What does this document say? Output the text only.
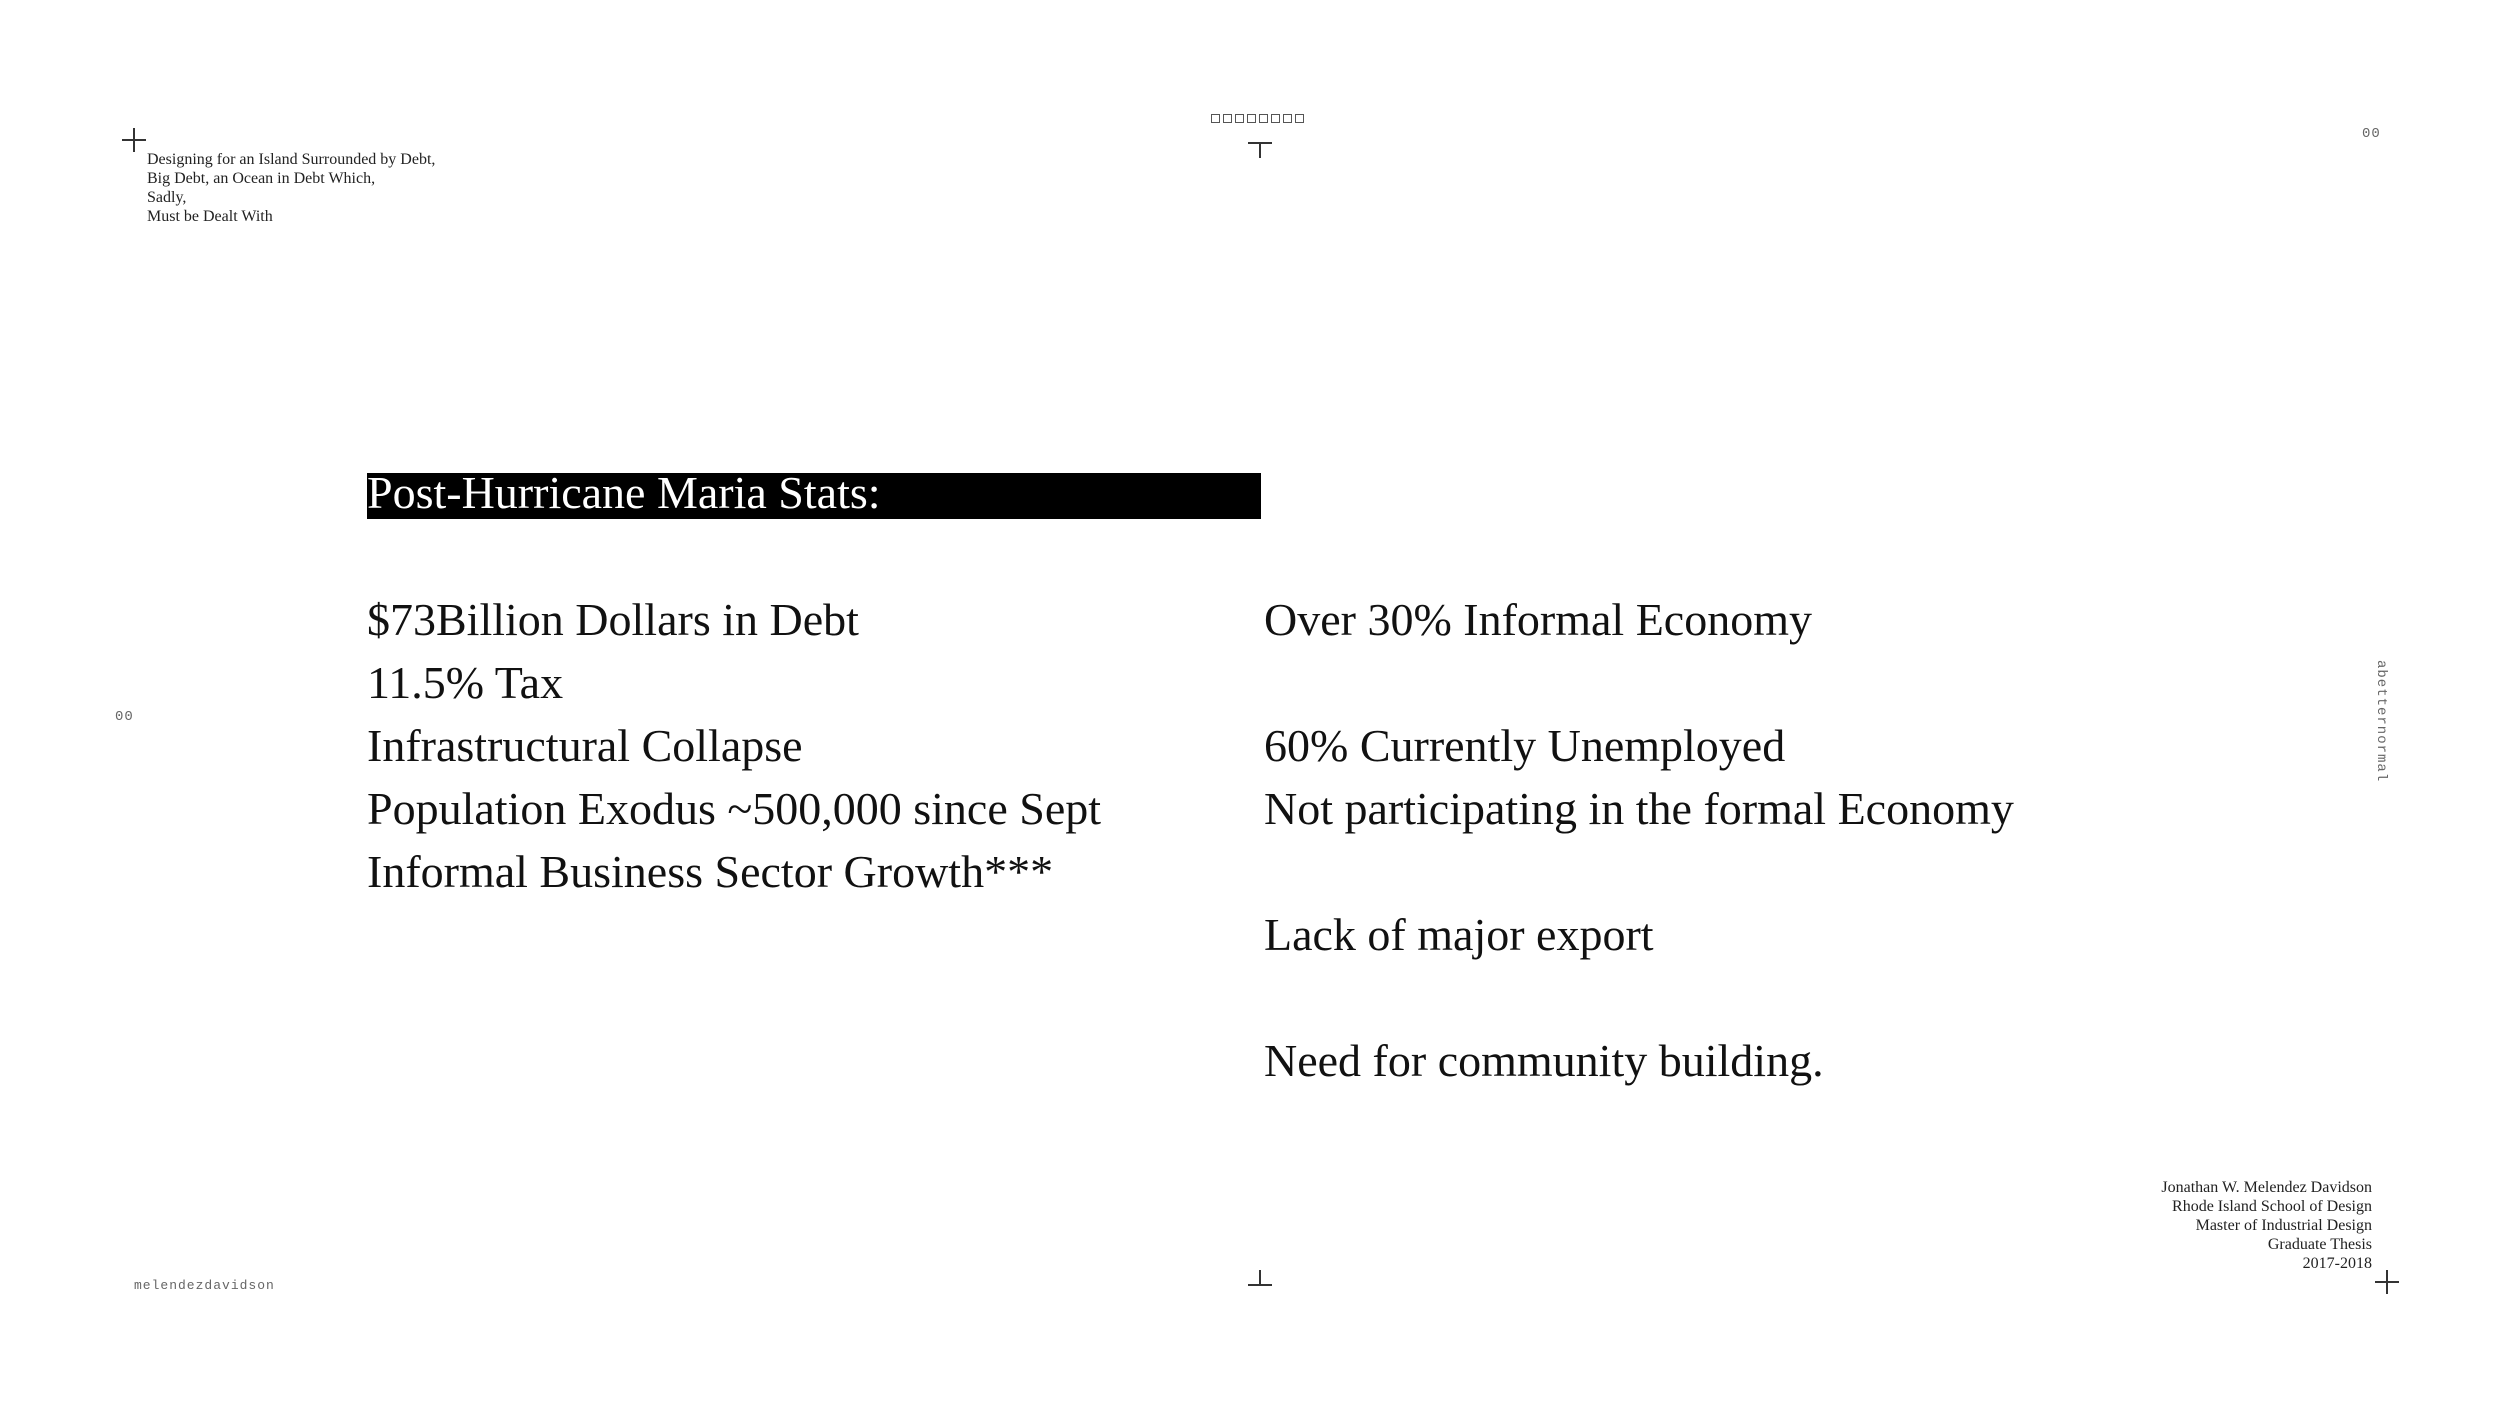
Designing for an Island Surrounded by Debt,
Big Debt, an Ocean in Debt Which,
Sadly,
Must be Dealt With
00
00	abetternormal
Post-Hurricane Maria Stats:
$73Billion Dollars in Debt
11.5% Tax
Infrastructural Collapse
Population Exodus ~500,000 since Sept
Informal Business Sector Growth***
Over 30% Informal Economy
60% Currently Unemployed
Not participating in the formal Economy
Lack of major export
Need for community building.
melendezdavidson
Jonathan W. Melendez Davidson
Rhode Island School of Design
Master of Industrial Design
Graduate Thesis
2017-2018
